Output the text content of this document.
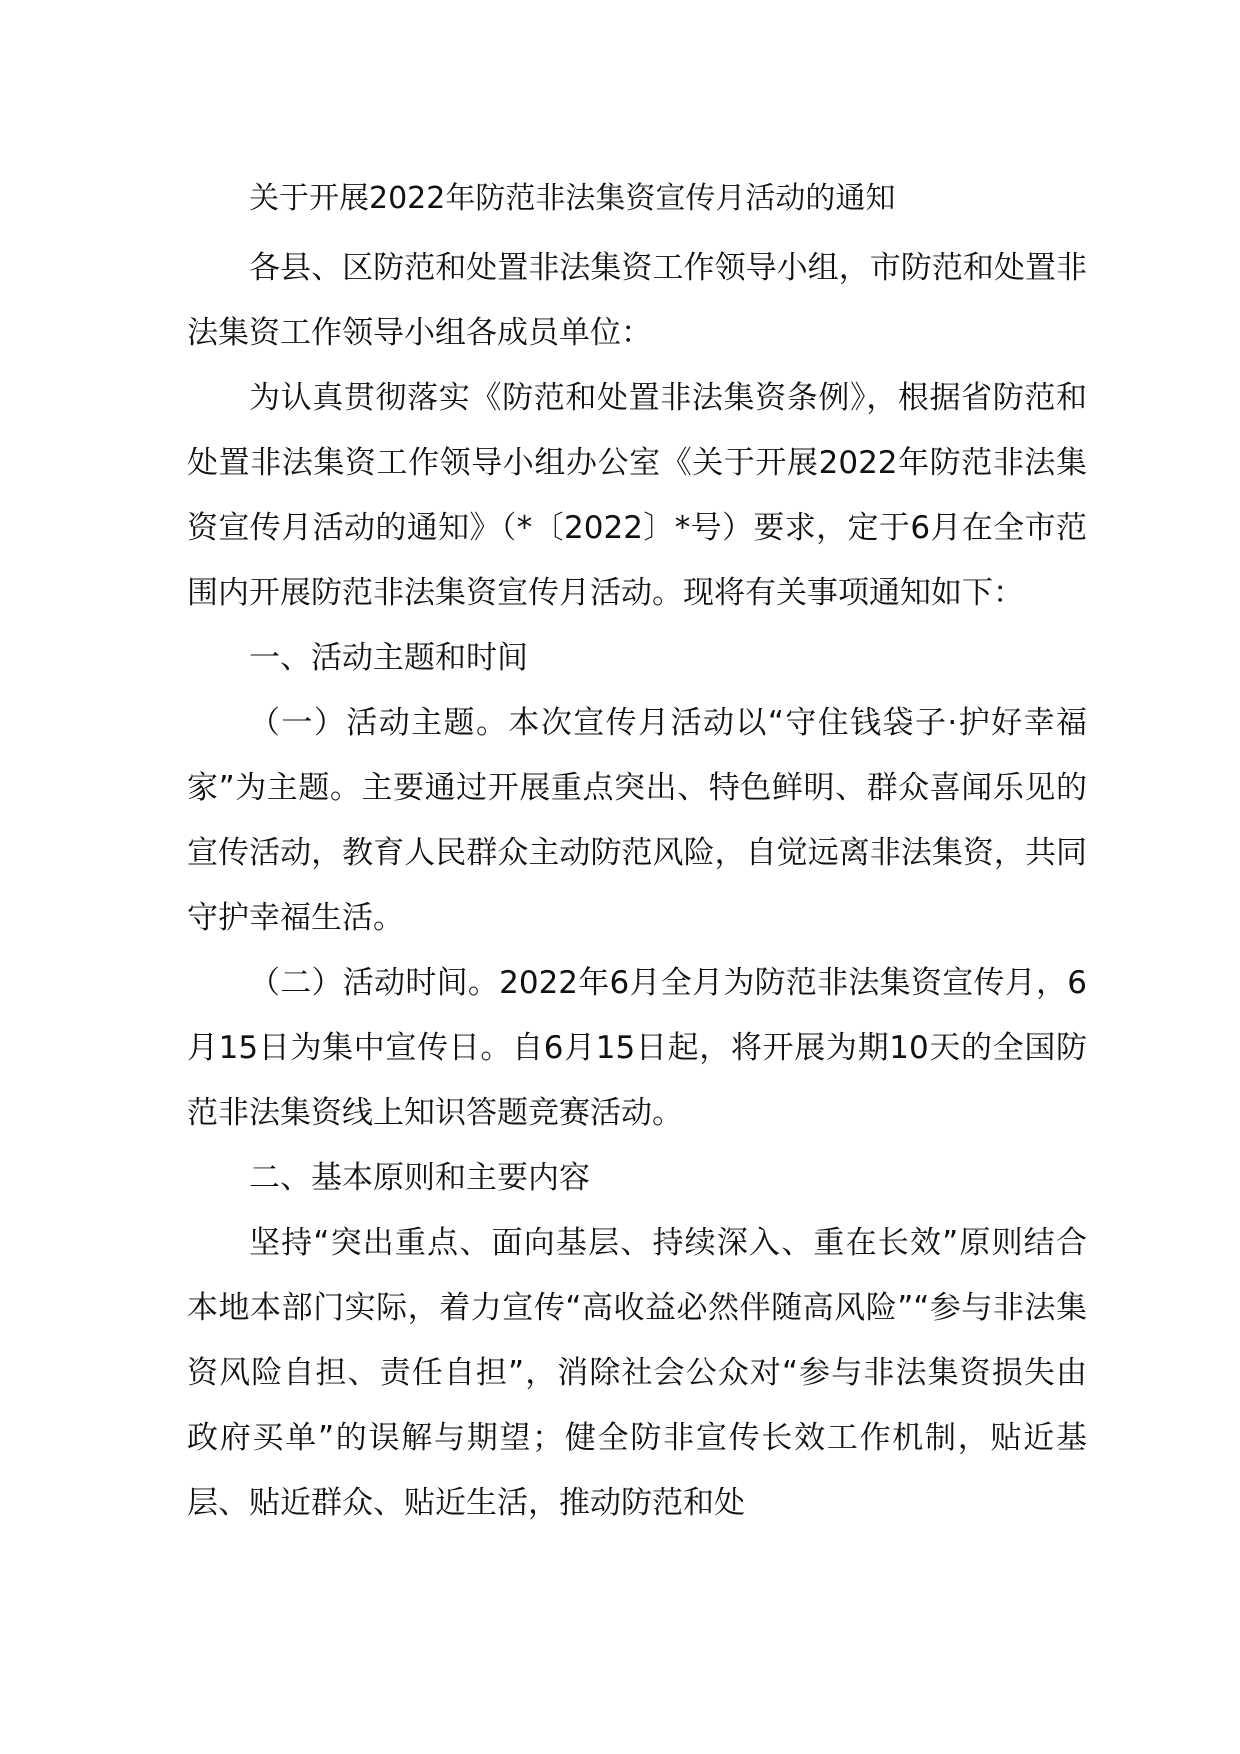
关于开展2022年防范非法集资宣传月活动的通知

各县、区防范和处置非法集资工作领导小组，市防范和处置非法集资工作领导小组各成员单位：

为认真贯彻落实《防范和处置非法集资条例》，根据省防范和处置非法集资工作领导小组办公室《关于开展2022年防范非法集资宣传月活动的通知》（*〔2022〕*号）要求，定于6月在全市范围内开展防范非法集资宣传月活动。现将有关事项通知如下：

一、活动主题和时间

（一）活动主题。本次宣传月活动以“守住钱袋子·护好幸福家”为主题。主要通过开展重点突出、特色鲜明、群众喜闻乐见的宣传活动，教育人民群众主动防范风险，自觉远离非法集资，共同守护幸福生活。

（二）活动时间。2022年6月全月为防范非法集资宣传月，6月15日为集中宣传日。自6月15日起，将开展为期10天的全国防范非法集资线上知识答题竞赛活动。

二、基本原则和主要内容

坚持“突出重点、面向基层、持续深入、重在长效”原则结合本地本部门实际，着力宣传“高收益必然伴随高风险”“参与非法集资风险自担、责任自担”，消除社会公众对“参与非法集资损失由政府买单”的误解与期望；健全防非宣传长效工作机制，贴近基层、贴近群众、贴近生活，推动防范和处
